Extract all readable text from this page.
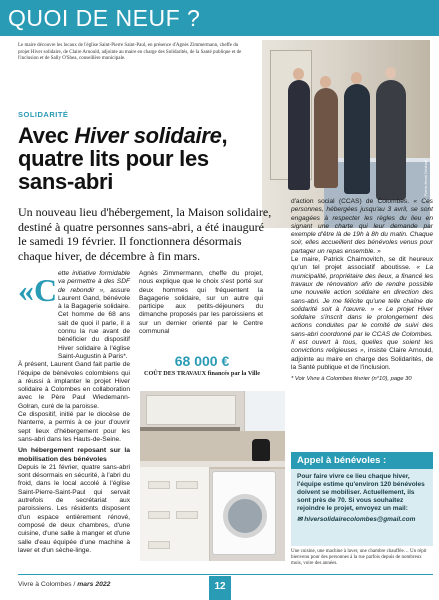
QUOI DE NEUF ?
Le maire découvre les locaux de l'église Saint-Pierre Saint-Paul, en présence d'Agnès Zimmermann, cheffe du projet Hiver solidaire, de Claire Arnould, adjointe au maire en charge des Solidarités, de la Santé publique et de l'inclusion et de Sally O'Shea, conseillère municipale.
© Pierre-Henri Deshair
SOLIDARITÉ
Avec Hiver solidaire, quatre lits pour les sans-abri
Un nouveau lieu d'hébergement, la Maison solidaire, destiné à quatre personnes sans-abri, a été inauguré le samedi 19 février. Il fonctionnera désormais chaque hiver, de décembre à fin mars.
«C ette initiative formidable va permettre à des SDF de rebondir », assure Laurent Gand, bénévole à la Bagagerie solidaire. Cet homme de 68 ans sait de quoi il parle, il a connu la rue avant de bénéficier du dispositif Hiver solidaire à l'église Saint-Augustin à Paris*.

À présent, Laurent Gand fait partie de l'équipe de bénévoles colombiens qui a réussi à implanter le projet Hiver solidaire à Colombes en collaboration avec le Père Paul Wiedemann-Golran, curé de la paroisse.

Ce dispositif, initié par le diocèse de Nanterre, a permis à ce jour d'ouvrir sept lieux d'hébergement pour les sans-abri dans les Hauts-de-Seine.

Un hébergement reposant sur la mobilisation des bénévoles

Depuis le 21 février, quatre sans-abri sont désormais en sécurité, à l'abri du froid, dans le local accolé à l'église Saint-Pierre-Saint-Paul qui servait autrefois de secrétariat aux paroissiens. Les résidents disposent d'un espace entièrement rénové, composé de deux chambres, d'une cuisine, d'une salle à manger et d'une salle d'eau équipée d'une machine à laver et d'un sèche-linge.

Agnès Zimmermann, cheffe du projet, nous explique que le choix s'est porté sur deux hommes qui fréquentent la Bagagerie solidaire, sur un autre qui participe aux petits-déjeuners du dimanche proposés par les paroissiens et sur un dernier orienté par le Centre communal

68 000 €
COÛT DES TRAVAUX financés par la Ville

d'action social (CCAS) de Colombes. « Ces personnes, hébergées jusqu'au 3 avril, se sont engagées à respecter les règles du lieu en signant une charte qui leur demande par exemple d'être là de 19h à 8h du matin. Chaque soir, elles accueillent des bénévoles venus pour partager un repas ensemble. »

Le maire, Patrick Chaimovitch, se dit heureux qu'un tel projet associatif aboutisse. « La municipalité, propriétaire des lieux, a financé les travaux de rénovation afin de rendre possible une nouvelle action solidaire en direction des sans-abri. Je me félicite qu'une telle chaîne de solidarité soit à l'œuvre. » « Le projet Hiver solidaire s'inscrit dans le prolongement des actions conduites par le comité de suivi des sans-abri coordonné par le CCAS de Colombes. Il est ouvert à tous, quelles que soient les convictions religieuses », insiste Claire Arnould, adjointe au maire en charge des Solidarités, de la Santé publique et de l'inclusion.

* Voir Vivre à Colombes février (n°10), page 30

Appel à bénévoles :
Pour faire vivre ce lieu chaque hiver, l'équipe estime qu'environ 120 bénévoles doivent se mobiliser. Actuellement, ils sont près de 70. Si vous souhaitez rejoindre le projet, envoyez un mail:
✉ hiversolidairecolombes@gmail.com
Une cuisine, une machine à laver, une chambre chauffée… Un répit bienvenu pour des personnes à la rue parfois depuis de nombreux mois, voire des années.
Vivre à Colombes / mars 2022	12
